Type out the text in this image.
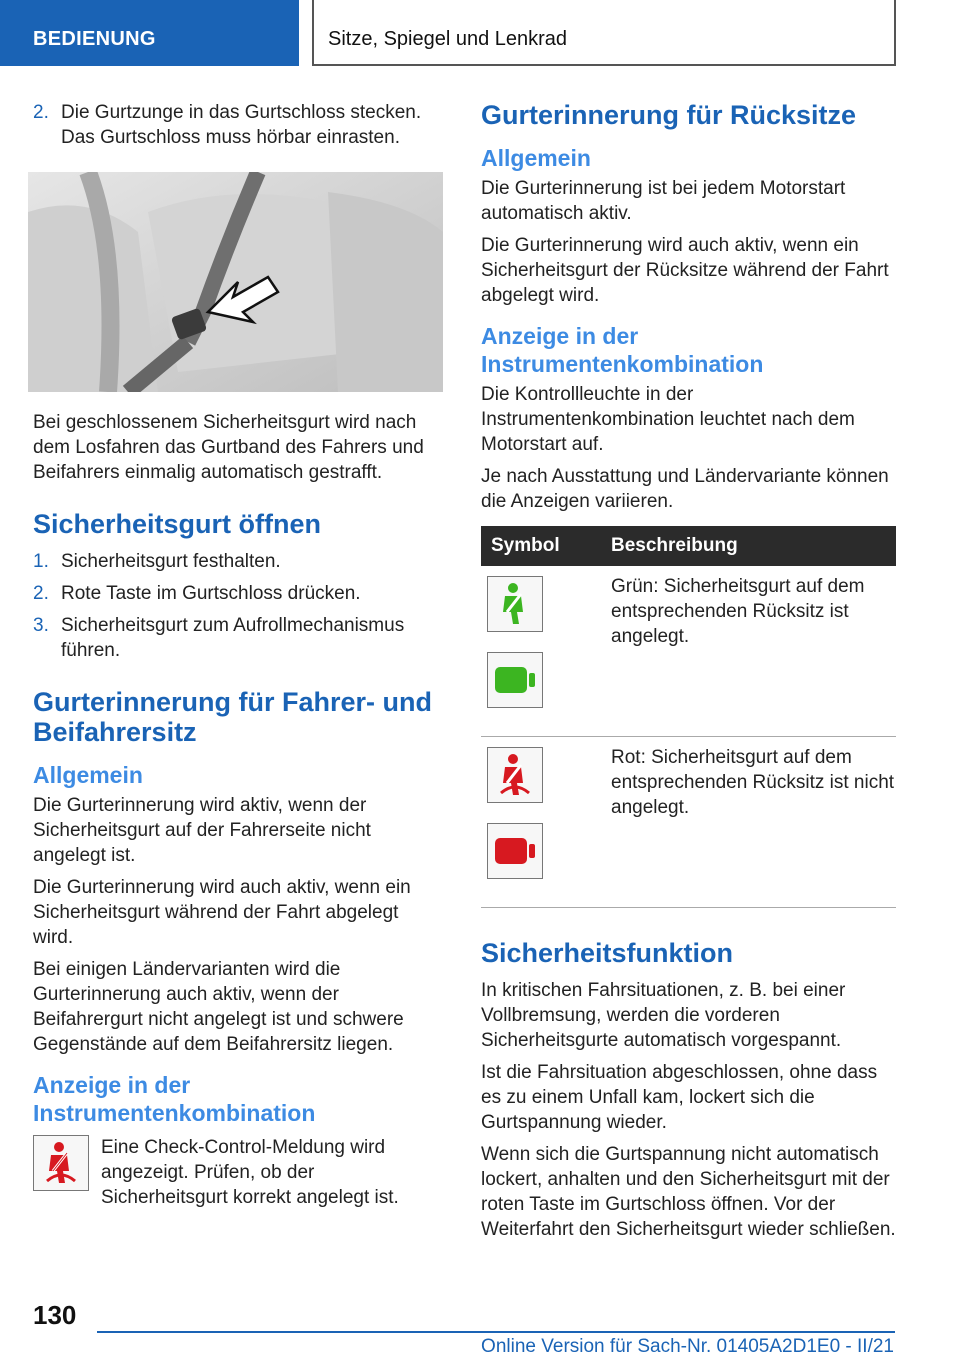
BEDIENUNG	Sitze, Spiegel und Lenkrad
2. Die Gurtzunge in das Gurtschloss stecken. Das Gurtschloss muss hörbar einrasten.

Bei geschlossenem Sicherheitsgurt wird nach dem Losfahren das Gurtband des Fahrers und Beifahrers einmalig automatisch gestrafft.

Sicherheitsgurt öffnen
1. Sicherheitsgurt festhalten.
2. Rote Taste im Gurtschloss drücken.
3. Sicherheitsgurt zum Aufrollmechanismus führen.
Gurterinnerung für Fahrer- und Beifahrersitz
Allgemein

Die Gurterinnerung wird aktiv, wenn der Sicherheitsgurt auf der Fahrerseite nicht angelegt ist.

Die Gurterinnerung wird auch aktiv, wenn ein Sicherheitsgurt während der Fahrt abgelegt wird.

Bei einigen Ländervarianten wird die Gurterinnerung auch aktiv, wenn der Beifahrergurt nicht angelegt ist und schwere Gegenstände auf dem Beifahrersitz liegen.

Anzeige in der Instrumentenkombination

Eine Check-Control-Meldung wird angezeigt. Prüfen, ob der Sicherheitsgurt korrekt angelegt ist.

Gurterinnerung für Rücksitze
Allgemein

Die Gurterinnerung ist bei jedem Motorstart automatisch aktiv.

Die Gurterinnerung wird auch aktiv, wenn ein Sicherheitsgurt der Rücksitze während der Fahrt abgelegt wird.

Anzeige in der Instrumentenkombination

Die Kontrollleuchte in der Instrumentenkombination leuchtet nach dem Motorstart auf.

Je nach Ausstattung und Ländervariante können die Anzeigen variieren.

Symbol	Beschreibung

	Grün: Sicherheitsgurt auf dem entsprechenden Rücksitz ist angelegt.

	Rot: Sicherheitsgurt auf dem entsprechenden Rücksitz ist nicht angelegt.
Sicherheitsfunktion

In kritischen Fahrsituationen, z. B. bei einer Vollbremsung, werden die vorderen Sicherheitsgurte automatisch vorgespannt.

Ist die Fahrsituation abgeschlossen, ohne dass es zu einem Unfall kam, lockert sich die Gurtspannung wieder.

Wenn sich die Gurtspannung nicht automatisch lockert, anhalten und den Sicherheitsgurt mit der roten Taste im Gurtschloss öffnen. Vor der Weiterfahrt den Sicherheitsgurt wieder schließen.

130
Online Version für Sach-Nr. 01405A2D1E0 - II/21
